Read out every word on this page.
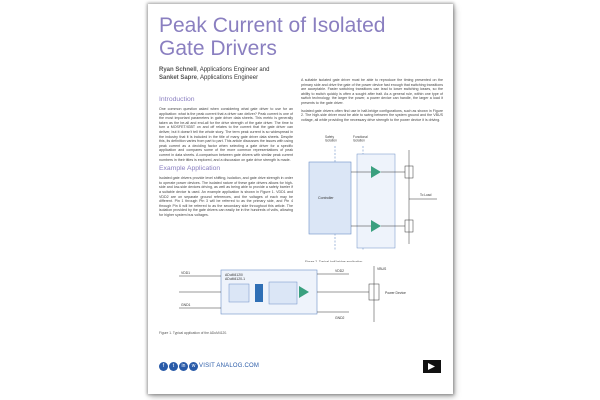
Peak Current of Isolated
Gate Drivers
Ryan Schnell, Applications Engineer and
Sanket Sapre, Applications Engineer
Introduction

One common question asked when considering what gate driver to use for an application: what is the peak current that a driver can deliver? Peak current is one of the most important parameters in gate driver data sheets. This metric is generally taken as the be-all and end-all for the drive strength of the gate driver. The time to turn a MOSFET/IGBT on and off relates to the current that the gate driver can deliver, but it doesn't tell the whole story. The term peak current is so widespread in the industry that it is included in the title of many gate driver data sheets. Despite this, its definition varies from part to part. This article discusses the issues with using peak current as a deciding factor when selecting a gate driver for a specific application and compares some of the more common representations of peak current in data sheets. A comparison between gate drivers with similar peak current numbers in their titles is explored, and a discussion on gate drive strength is made.

Example Application

Isolated gate drivers provide level shifting, isolation, and gate drive strength in order to operate power devices. The isolated nature of these gate drivers allows for high-side and low-side devices driving, as well as being able to provide a safety barrier if a suitable device is used. An example application is shown in Figure 1. VDD1 and VDD2 are on separate ground references, and the voltages of each may be different. Pin 1 through Pin 3 will be referred to as the primary side, and Pin 4 through Pin 6 will be referred to as the secondary side throughout this article. The isolation provided by the gate drivers can easily be in the hundreds of volts, allowing for higher system bus voltages.

A suitable isolated gate driver must be able to reproduce the timing presented on the primary side and drive the gate of the power device fast enough that switching transitions are acceptable. Faster switching transitions can lead to lower switching losses, so the ability to switch quickly is often a sought after trait. As a general rule, within one type of switch technology, the larger the power, a power device can handle, the larger a load it presents to the gate driver.

Isolated gate drivers often find use in half-bridge configurations, such as shown in Figure 2. The high-side driver must be able to swing between the system ground and the VBUS voltage, all while providing the necessary drive strength to the power device it is driving.

Safety Isolation
Functional Isolation
Controller
To Load
ADuM4120/ ADuM4120-1
VDD1
GND1
VDD2
GND2
VBUS
Power Device
Figure 1. Typical application of the ADuM4120.
f	t	in	w VISIT ANALOG.COM
